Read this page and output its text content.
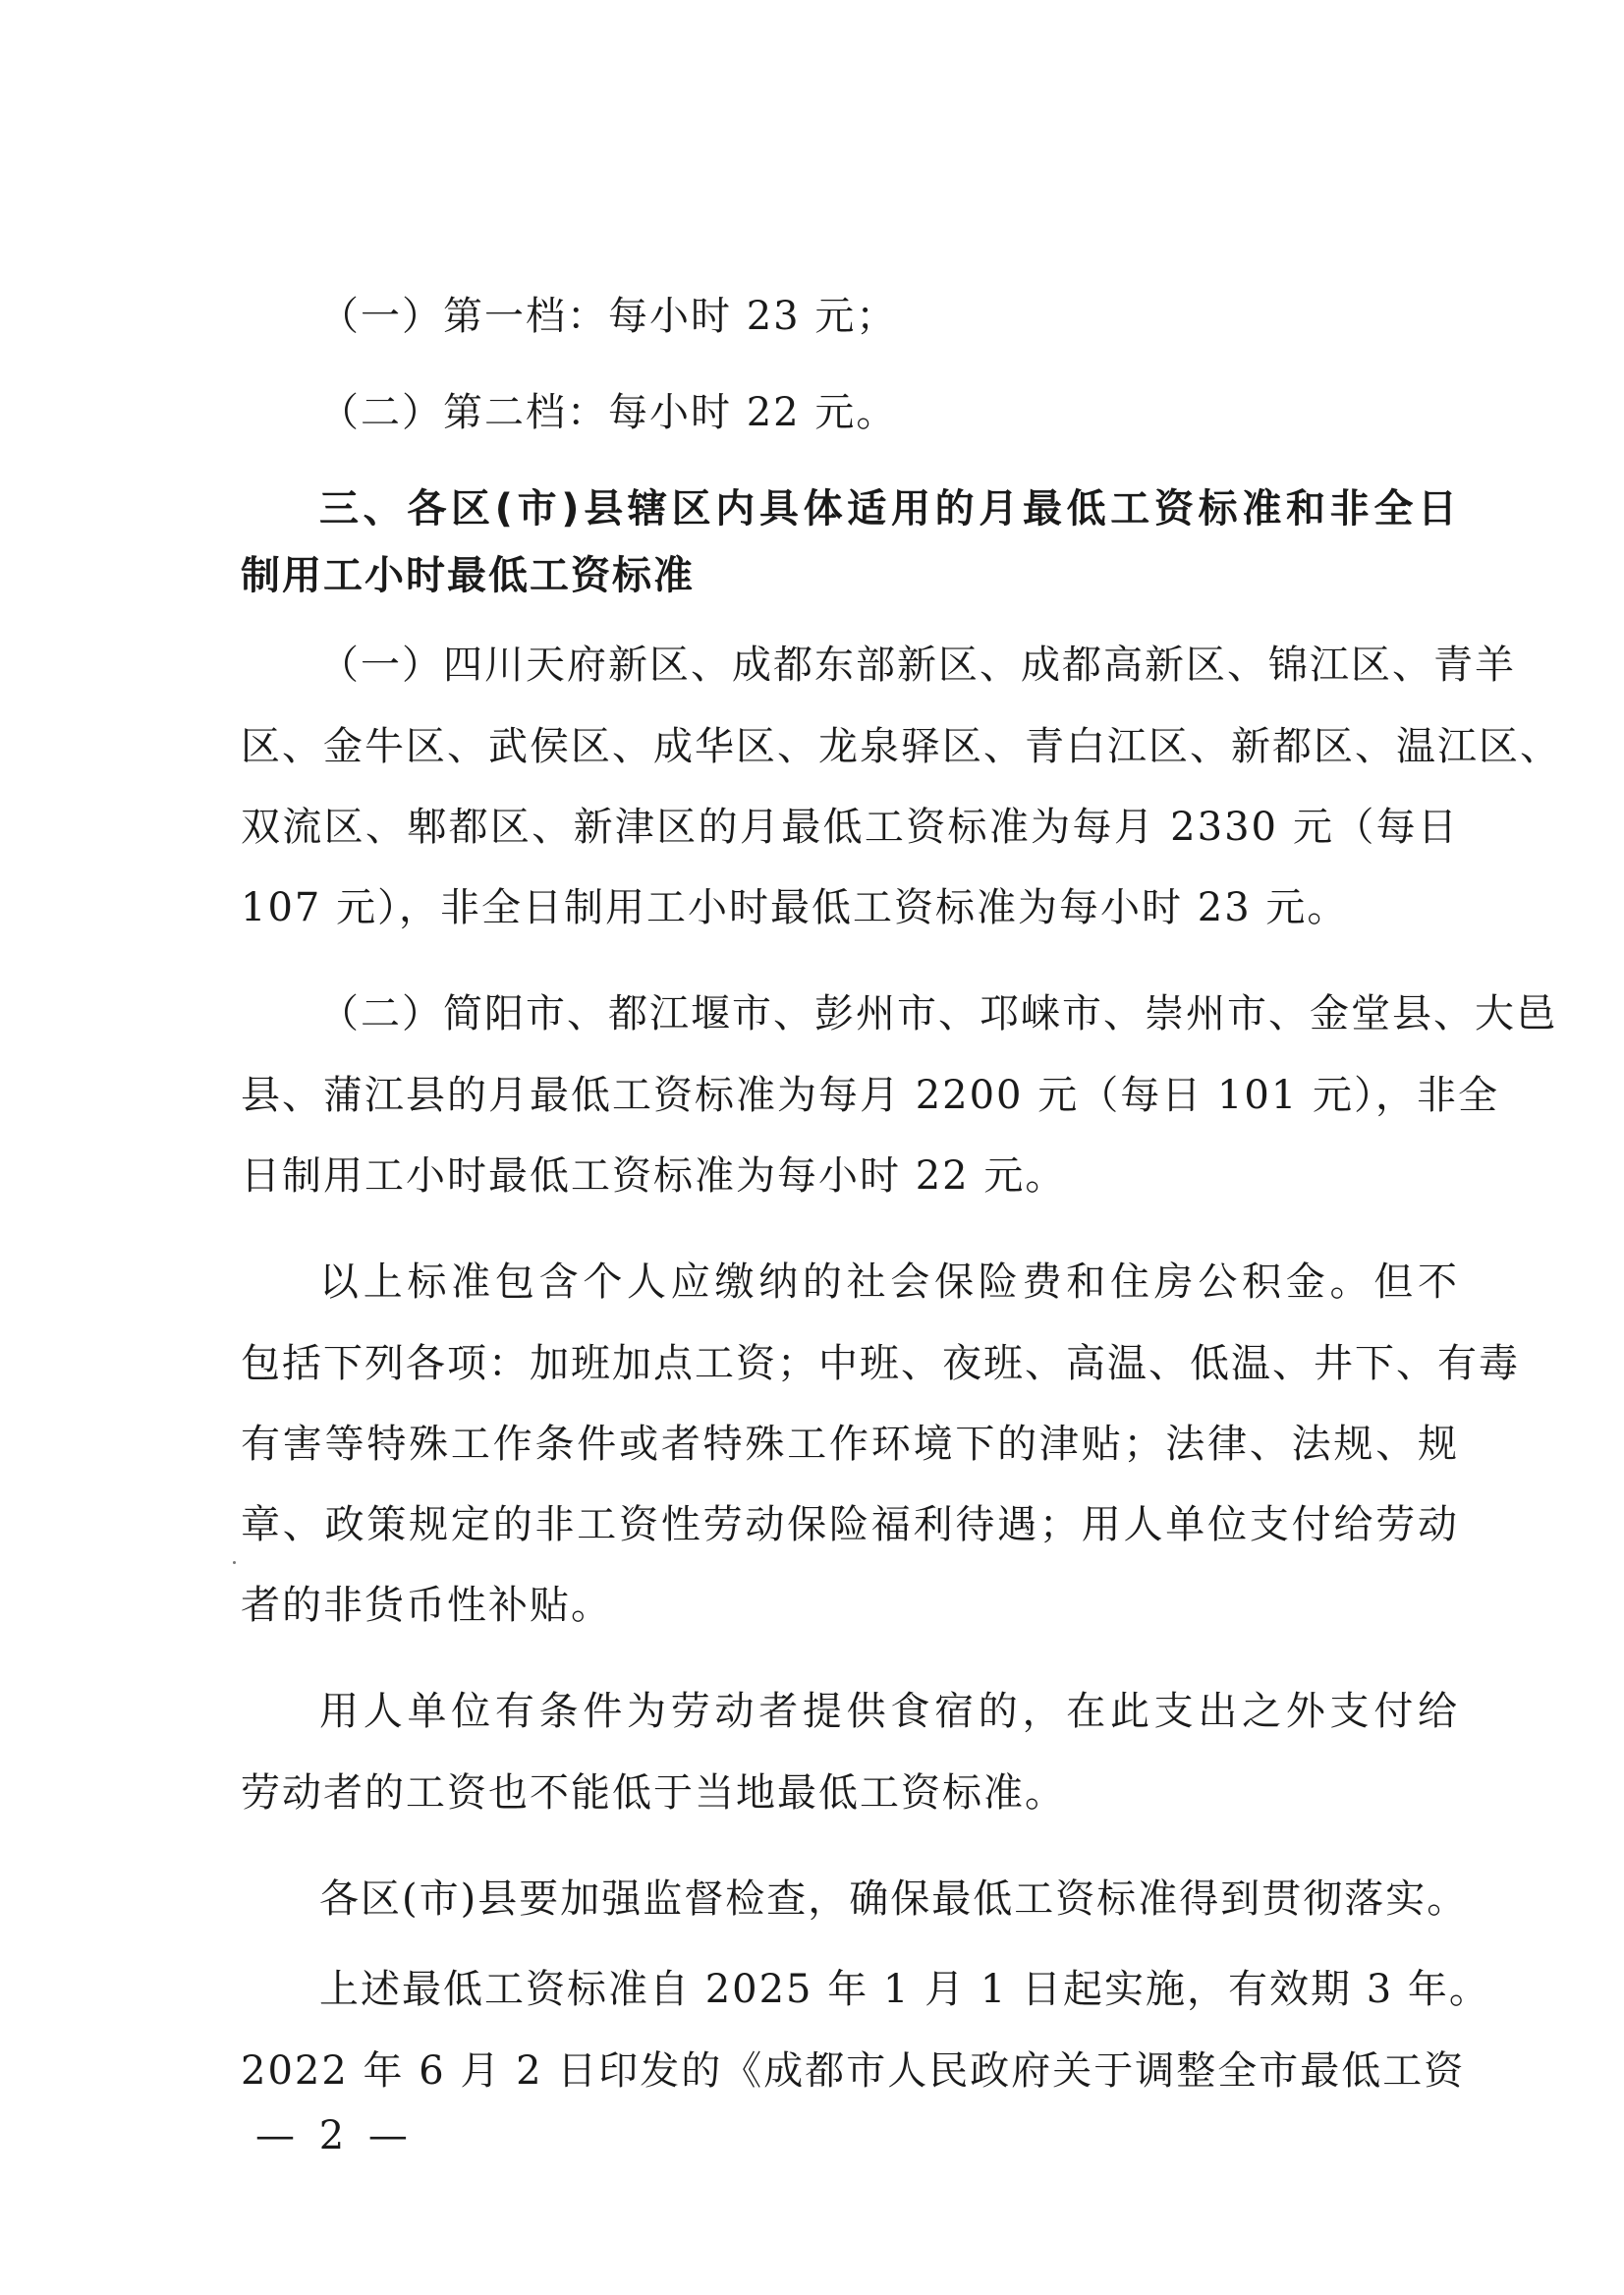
（一）第一档：每小时 23 元；
（二）第二档：每小时 22 元。
三、各区(市)县辖区内具体适用的月最低工资标准和非全日
制用工小时最低工资标准
（一）四川天府新区、成都东部新区、成都高新区、锦江区、青羊
区、金牛区、武侯区、成华区、龙泉驿区、青白江区、新都区、温江区、
双流区、郫都区、新津区的月最低工资标准为每月 2330 元（每日
107 元），非全日制用工小时最低工资标准为每小时 23 元。
（二）简阳市、都江堰市、彭州市、邛崃市、崇州市、金堂县、大邑
县、蒲江县的月最低工资标准为每月 2200 元（每日 101 元），非全
日制用工小时最低工资标准为每小时 22 元。
以上标准包含个人应缴纳的社会保险费和住房公积金。但不
包括下列各项：加班加点工资；中班、夜班、高温、低温、井下、有毒
有害等特殊工作条件或者特殊工作环境下的津贴；法律、法规、规
章、政策规定的非工资性劳动保险福利待遇；用人单位支付给劳动
者的非货币性补贴。
用人单位有条件为劳动者提供食宿的，在此支出之外支付给
劳动者的工资也不能低于当地最低工资标准。
各区(市)县要加强监督检查，确保最低工资标准得到贯彻落实。
上述最低工资标准自 2025 年 1 月 1 日起实施，有效期 3 年。
2022 年 6 月 2 日印发的《成都市人民政府关于调整全市最低工资
— 2 —
